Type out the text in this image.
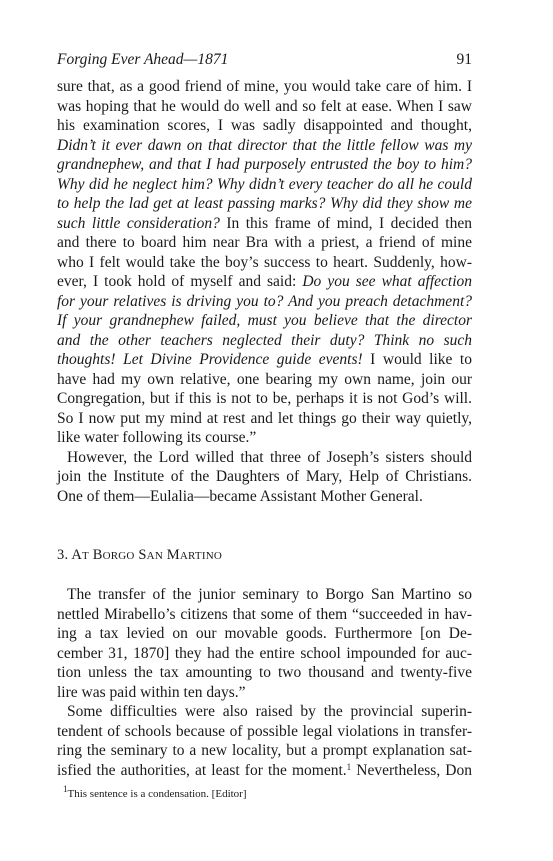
Forging Ever Ahead—1871	91
sure that, as a good friend of mine, you would take care of him. I
was hoping that he would do well and so felt at ease. When I saw
his examination scores, I was sadly disappointed and thought,
Didn’t it ever dawn on that director that the little fellow was my
grandnephew, and that I had purposely entrusted the boy to him?
Why did he neglect him? Why didn’t every teacher do all he could
to help the lad get at least passing marks? Why did they show me
such little consideration? In this frame of mind, I decided then
and there to board him near Bra with a priest, a friend of mine
who I felt would take the boy’s success to heart. Suddenly, how-
ever, I took hold of myself and said: Do you see what affection
for your relatives is driving you to? And you preach detachment?
If your grandnephew failed, must you believe that the director
and the other teachers neglected their duty? Think no such
thoughts! Let Divine Providence guide events! I would like to
have had my own relative, one bearing my own name, join our
Congregation, but if this is not to be, perhaps it is not God’s will.
So I now put my mind at rest and let things go their way quietly,
like water following its course.”
However, the Lord willed that three of Joseph’s sisters should
join the Institute of the Daughters of Mary, Help of Christians.
One of them—Eulalia—became Assistant Mother General.
3. AT BORGO SAN MARTINO
The transfer of the junior seminary to Borgo San Martino so
nettled Mirabello’s citizens that some of them “succeeded in hav-
ing a tax levied on our movable goods. Furthermore [on De-
cember 31, 1870] they had the entire school impounded for auc-
tion unless the tax amounting to two thousand and twenty-five
lire was paid within ten days.”
Some difficulties were also raised by the provincial superin-
tendent of schools because of possible legal violations in transfer-
ring the seminary to a new locality, but a prompt explanation sat-
isfied the authorities, at least for the moment.$^1$ Nevertheless, Don
$^1$This sentence is a condensation. [Editor]
